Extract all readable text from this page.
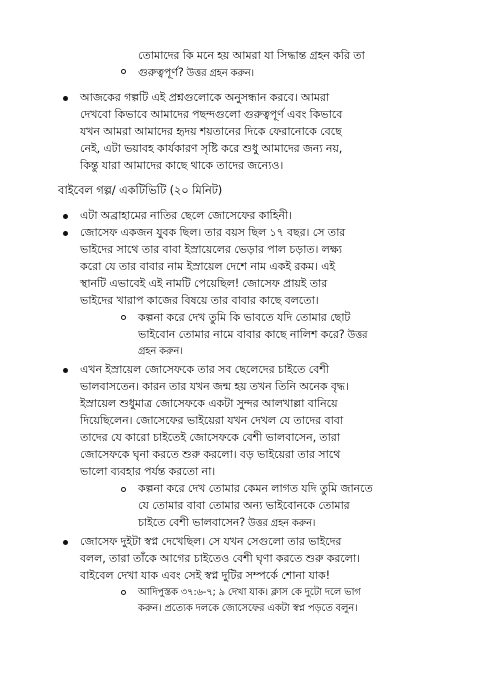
তোমাদের কি মনে হয় আমরা যা সিদ্ধান্ত গ্রহন করি তা
গুরুত্বপূর্ণ? উত্তর গ্রহন করুন।
আজকের গল্পটি এই প্রশ্নগুলোকে অনুসন্ধান করবে। আমরা
দেখবো কিভাবে আমাদের পছন্দগুলো গুরুত্বপূর্ণ এবং কিভাবে
যখন আমরা আমাদের হৃদয় শয়তানের দিকে ফেরানোকে বেছে
নেই, এটা ভয়াবহ কার্যকারণ সৃষ্টি করে শুধু আমাদের জন্য নয়,
কিন্তু যারা আমাদের কাছে থাকে তাদের জন্যেও।
বাইবেল গল্প/ একটিভিটি (২০ মিনিট)
এটা অব্রাহামের নাতির ছেলে জোসেফের কাহিনী।
জোসেফ একজন যুবক ছিল। তার বয়স ছিল ১৭ বছর। সে তার
ভাইদের সাথে তার বাবা ইস্রায়েলের ভেড়ার পাল চড়াত। লক্ষ্য
করো যে তার বাবার নাম ইস্রায়েল দেশে নাম একই রকম। এই
স্থানটি এভাবেই এই নামটি পেয়েছিল! জোসেফ প্রায়ই তার
ভাইদের খারাপ কাজের বিষয়ে তার বাবার কাছে বলতো।
কল্পনা করে দেখ তুমি কি ভাবতে যদি তোমার ছোট
ভাইবোন তোমার নামে বাবার কাছে নালিশ করে? উত্তর
গ্রহন করুন।
এখন ইস্রায়েল জোসেফকে তার সব ছেলেদের চাইতে বেশী
ভালবাসতেন। কারন তার যখন জন্ম হয় তখন তিনি অনেক বৃদ্ধ।
ইস্রায়েল শুধুমাত্র জোসেফকে একটা সুন্দর আলখাল্লা বানিয়ে
দিয়েছিলেন। জোসেফের ভাইয়েরা যখন দেখল যে তাদের বাবা
তাদের যে কারো চাইতেই জোসেফকে বেশী ভালবাসেন, তারা
জোসেফকে ঘৃনা করতে শুরু করলো। বড় ভাইয়েরা তার সাথে
ভালো ব্যবহার পর্যন্ত করতো না।
কল্পনা করে দেখ তোমার কেমন লাগত যদি তুমি জানতে
যে তোমার বাবা তোমার অন্য ভাইবোনকে তোমার
চাইতে বেশী ভালবাসেন? উত্তর গ্রহন করুন।
জোসেফ দুইটা স্বপ্ন দেখেছিল। সে যখন সেগুলো তার ভাইদের
বলল, তারা তাঁকে আগের চাইতেও বেশী ঘৃণা করতে শুরু করলো।
বাইবেল দেখা যাক এবং সেই স্বপ্ন দুটির সম্পর্কে শোনা যাক!
আদিপুস্তক ৩৭:৬-৭; ৯ দেখা যাক। ক্লাস কে দুটো দলে ভাগ
করুন। প্রত্যেক দলকে জোসেফের একটা স্বপ্ন পড়তে বলুন।
